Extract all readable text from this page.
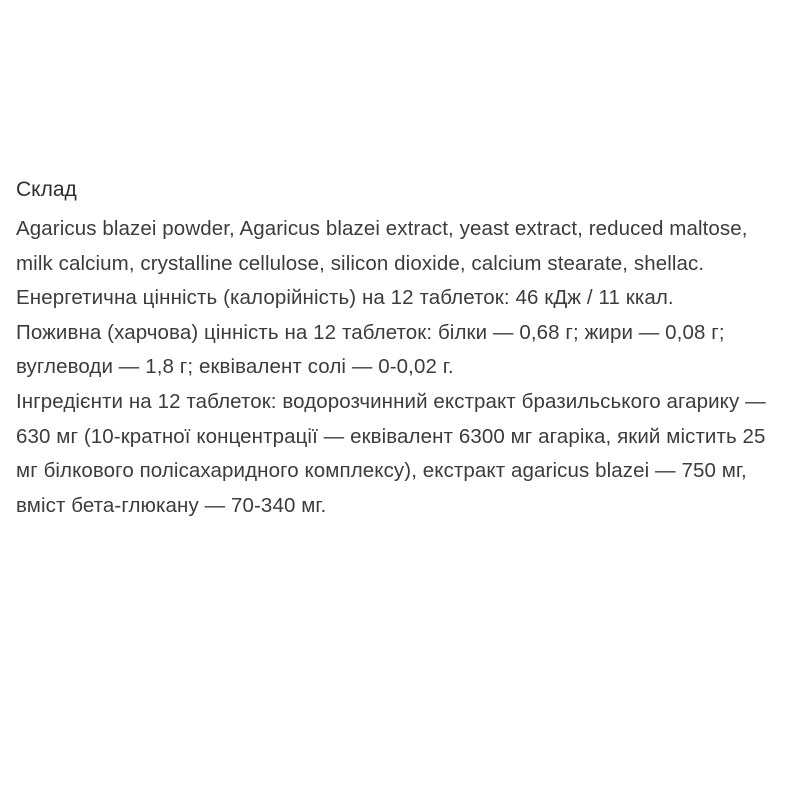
Склад

Agaricus blazei powder, Agaricus blazei extract, yeast extract, reduced maltose, milk calcium, crystalline cellulose, silicon dioxide, calcium stearate, shellac.

Енергетична цінність (калорійність) на 12 таблеток: 46 кДж / 11 ккал.

Поживна (харчова) цінність на 12 таблеток: білки — 0,68 г; жири — 0,08 г; вуглеводи — 1,8 г; еквівалент солі — 0-0,02 г.

Інгредієнти на 12 таблеток: водорозчинний екстракт бразильського агарику — 630 мг (10-кратної концентрації — еквівалент 6300 мг агаріка, який містить 25 мг білкового полісахаридного комплексу), екстракт agaricus blazei — 750 мг, вміст бета-глюкану — 70-340 мг.
